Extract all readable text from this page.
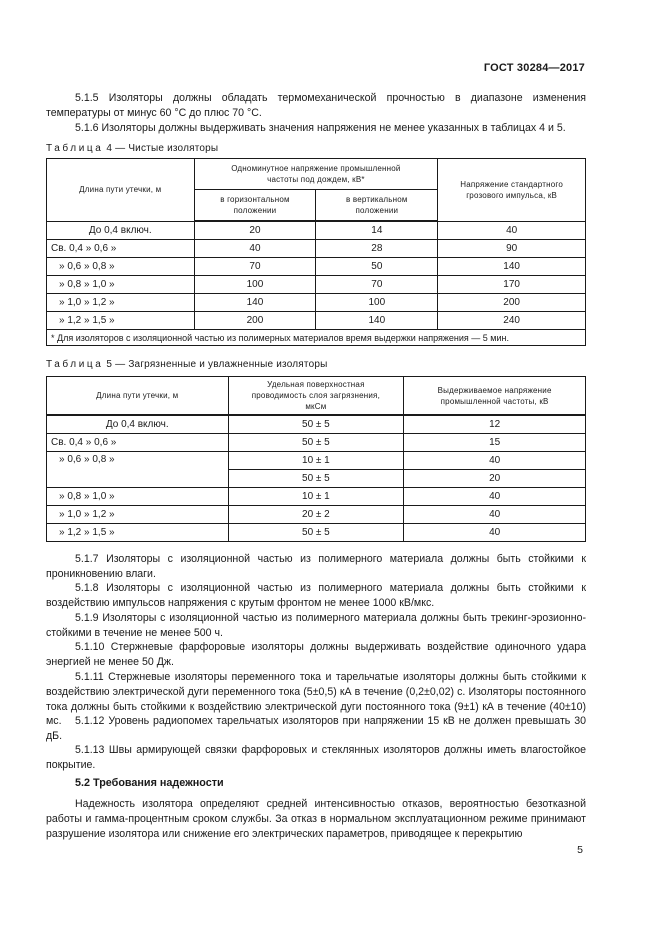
ГОСТ 30284—2017
5.1.5 Изоляторы должны обладать термомеханической прочностью в диапазоне изменения температуры от минус 60 °С до плюс 70 °С.
5.1.6 Изоляторы должны выдерживать значения напряжения не менее указанных в таблицах 4 и 5.
Таблица 4 — Чистые изоляторы
Длина пути утечки, м	Одноминутное напряжение промышленной частоты под дождем, кВ*		Напряжение стандартного грозового импульса, кВ
	в горизонтальном положении	в вертикальном положении	
До 0,4 включ.	20	14	40
Св. 0,4 » 0,6 »	40	28	90
» 0,6 » 0,8 »	70	50	140
» 0,8 » 1,0 »	100	70	170
» 1,0 » 1,2 »	140	100	200
» 1,2 » 1,5 »	200	140	240
* Для изоляторов с изоляционной частью из полимерных материалов время выдержки напряжения — 5 мин.			
Таблица 5 — Загрязненные и увлажненные изоляторы
Длина пути утечки, м	Удельная поверхностная проводимость слоя загрязнения, мкСм	Выдерживаемое напряжение промышленной частоты, кВ
До 0,4 включ.	50 ± 5	12
Св. 0,4 » 0,6 »	50 ± 5	15
» 0,6 » 0,8 »	10 ± 1	40
	50 ± 5	20
» 0,8 » 1,0 »	10 ± 1	40
» 1,0 » 1,2 »	20 ± 2	40
» 1,2 » 1,5 »	50 ± 5	40
5.1.7 Изоляторы с изоляционной частью из полимерного материала должны быть стойкими к проникновению влаги.
5.1.8 Изоляторы с изоляционной частью из полимерного материала должны быть стойкими к воздействию импульсов напряжения с крутым фронтом не менее 1000 кВ/мкс.
5.1.9 Изоляторы с изоляционной частью из полимерного материала должны быть трекинг-эрозионно-стойкими в течение не менее 500 ч.
5.1.10 Стержневые фарфоровые изоляторы должны выдерживать воздействие одиночного удара энергией не менее 50 Дж.
5.1.11 Стержневые изоляторы переменного тока и тарельчатые изоляторы должны быть стойкими к воздействию электрической дуги переменного тока (5±0,5) кА в течение (0,2±0,02) с. Изоляторы постоянного тока должны быть стойкими к воздействию электрической дуги постоянного тока (9±1) кА в течение (40±10) мс.	5.1.12 Уровень радиопомех тарельчатых изоляторов при напряжении 15 кВ не должен превышать 30 дБ.
5.1.13 Швы армирующей связки фарфоровых и стеклянных изоляторов должны иметь влагостойкое покрытие.
5.2 Требования надежности
Надежность изолятора определяют средней интенсивностью отказов, вероятностью безотказной работы и гамма-процентным сроком службы. За отказ в нормальном эксплуатационном режиме принимают разрушение изолятора или снижение его электрических параметров, приводящее к перекрытию
5
